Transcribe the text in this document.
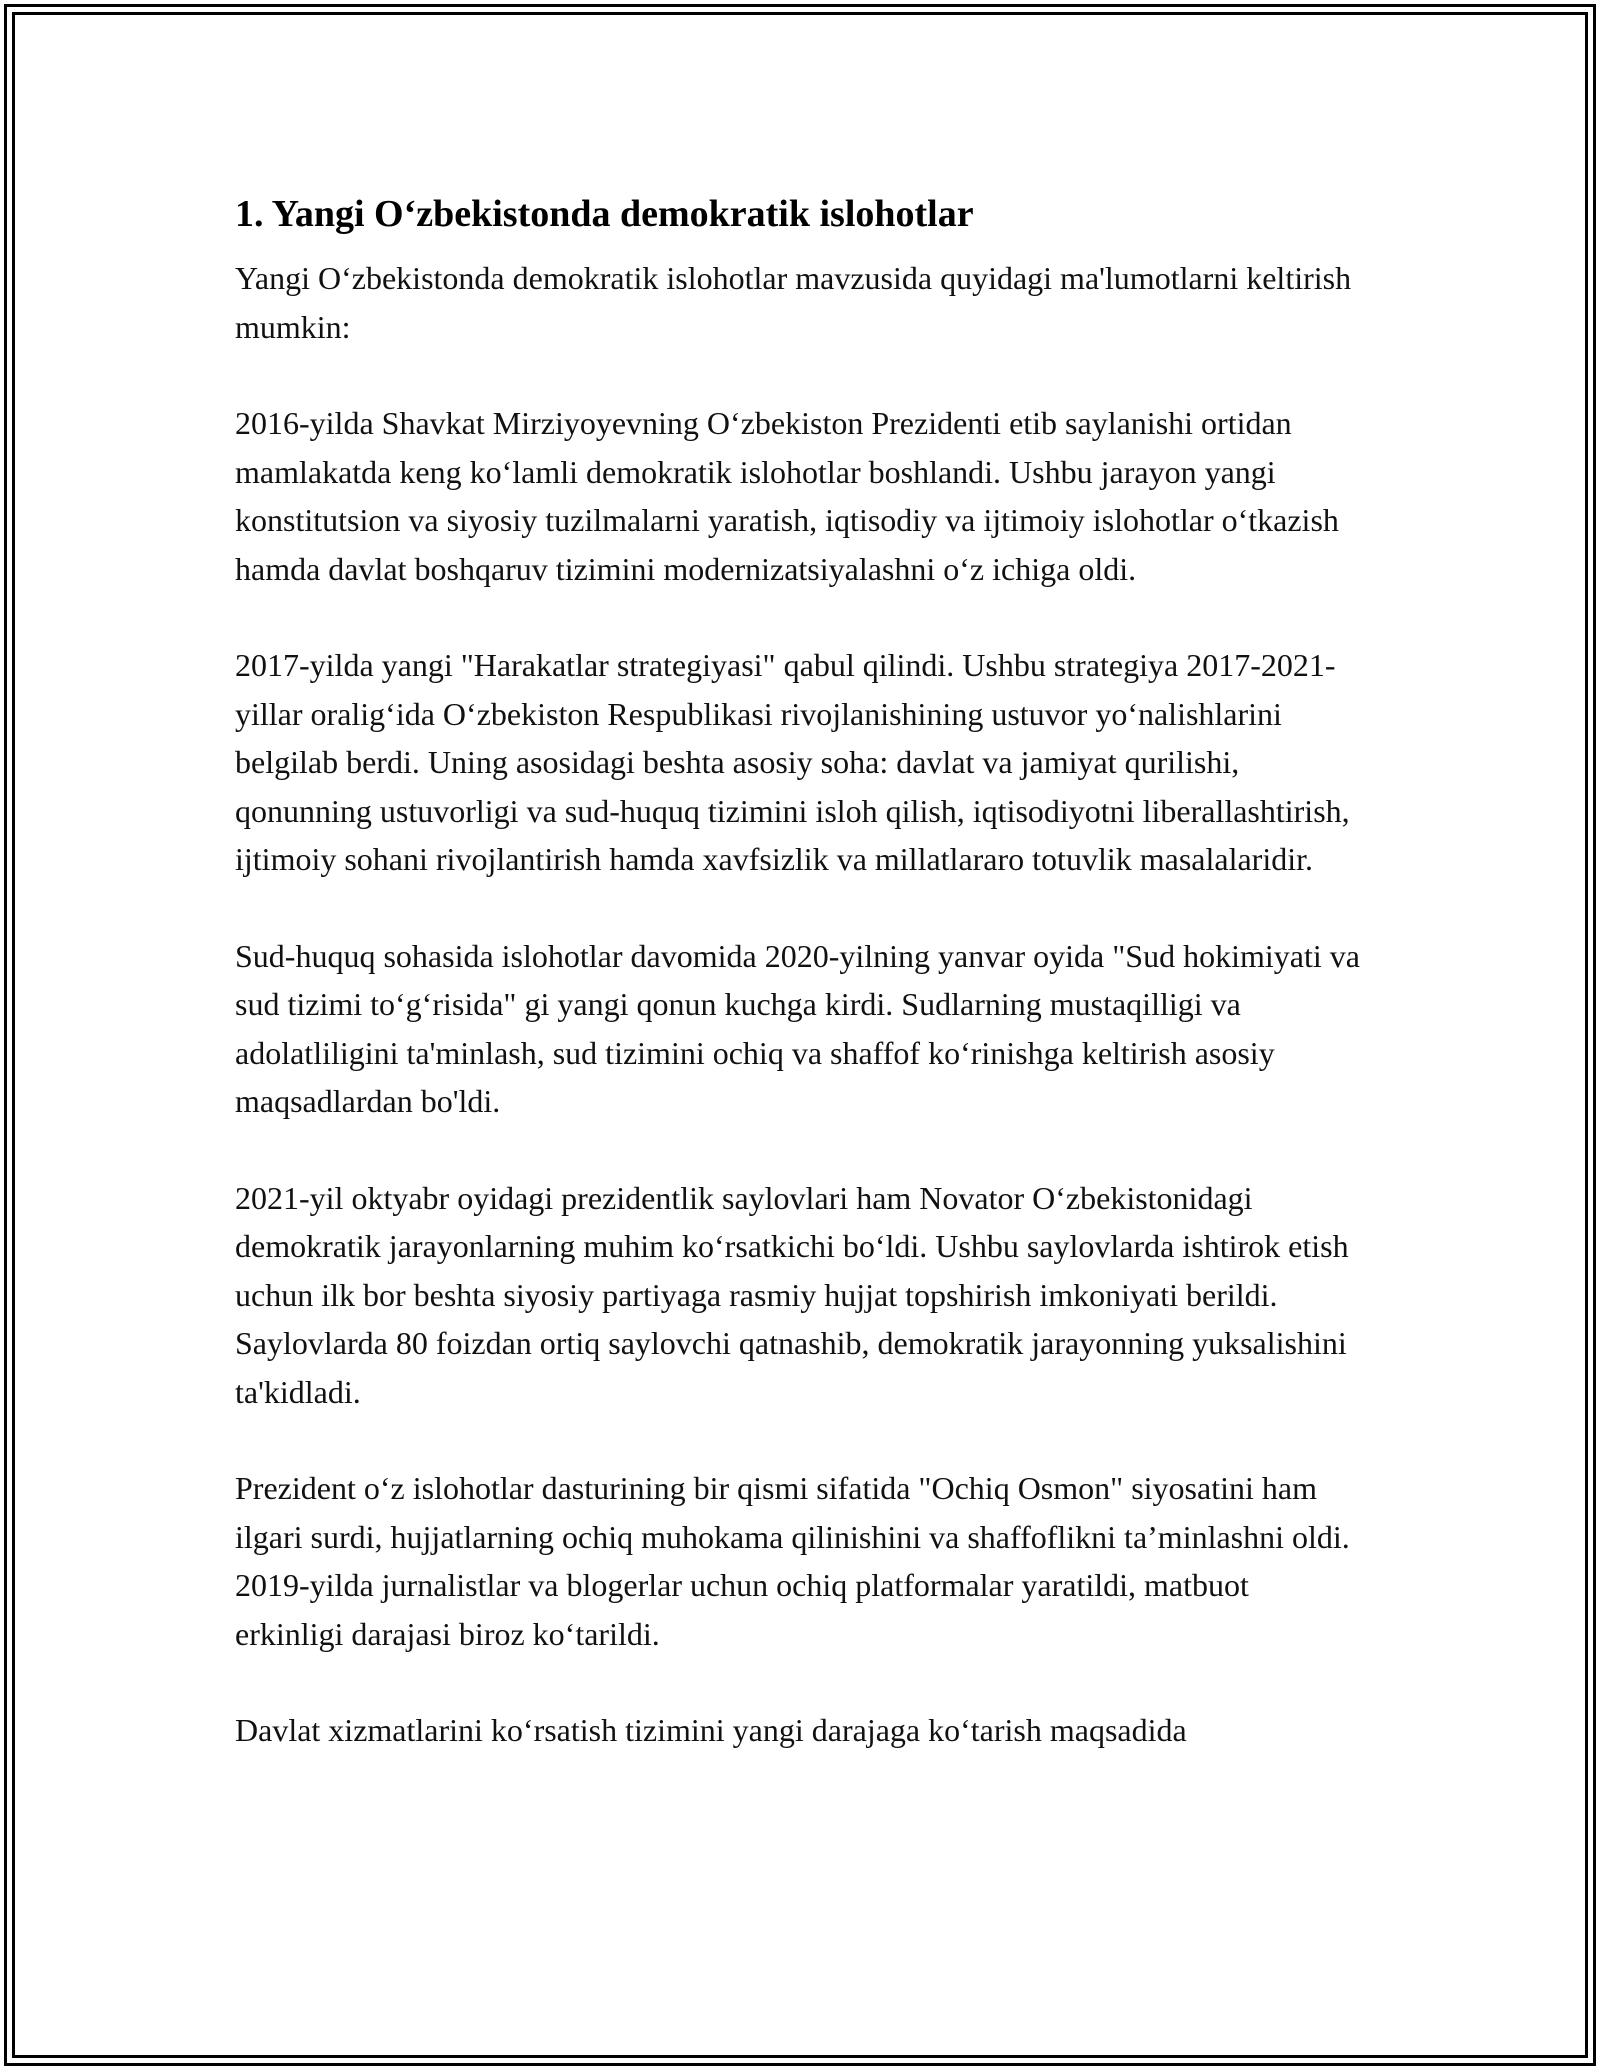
1. Yangi O‘zbekistonda demokratik islohotlar

Yangi O‘zbekistonda demokratik islohotlar mavzusida quyidagi ma'lumotlarni keltirish mumkin:

2016-yilda Shavkat Mirziyoyevning O‘zbekiston Prezidenti etib saylanishi ortidan mamlakatda keng ko‘lamli demokratik islohotlar boshlandi. Ushbu jarayon yangi konstitutsion va siyosiy tuzilmalarni yaratish, iqtisodiy va ijtimoiy islohotlar o‘tkazish hamda davlat boshqaruv tizimini modernizatsiyalashni o‘z ichiga oldi.

2017-yilda yangi "Harakatlar strategiyasi" qabul qilindi. Ushbu strategiya 2017-2021-yillar oralig‘ida O‘zbekiston Respublikasi rivojlanishining ustuvor yo‘nalishlarini belgilab berdi. Uning asosidagi beshta asosiy soha: davlat va jamiyat qurilishi, qonunning ustuvorligi va sud-huquq tizimini isloh qilish, iqtisodiyotni liberallashtirish, ijtimoiy sohani rivojlantirish hamda xavfsizlik va millatlararo totuvlik masalalaridir.

Sud-huquq sohasida islohotlar davomida 2020-yilning yanvar oyida "Sud hokimiyati va sud tizimi to‘g‘risida" gi yangi qonun kuchga kirdi. Sudlarning mustaqilligi va adolatliligini ta'minlash, sud tizimini ochiq va shaffof ko‘rinishga keltirish asosiy maqsadlardan bo'ldi.

2021-yil oktyabr oyidagi prezidentlik saylovlari ham Novator O‘zbekistonidagi demokratik jarayonlarning muhim ko‘rsatkichi bo‘ldi. Ushbu saylovlarda ishtirok etish uchun ilk bor beshta siyosiy partiyaga rasmiy hujjat topshirish imkoniyati berildi. Saylovlarda 80 foizdan ortiq saylovchi qatnashib, demokratik jarayonning yuksalishini ta'kidladi.

Prezident o‘z islohotlar dasturining bir qismi sifatida "Ochiq Osmon" siyosatini ham ilgari surdi, hujjatlarning ochiq muhokama qilinishini va shaffoflikni ta’minlashni oldi. 2019-yilda jurnalistlar va blogerlar uchun ochiq platformalar yaratildi, matbuot erkinligi darajasi biroz ko‘tarildi.

Davlat xizmatlarini ko‘rsatish tizimini yangi darajaga ko‘tarish maqsadida
